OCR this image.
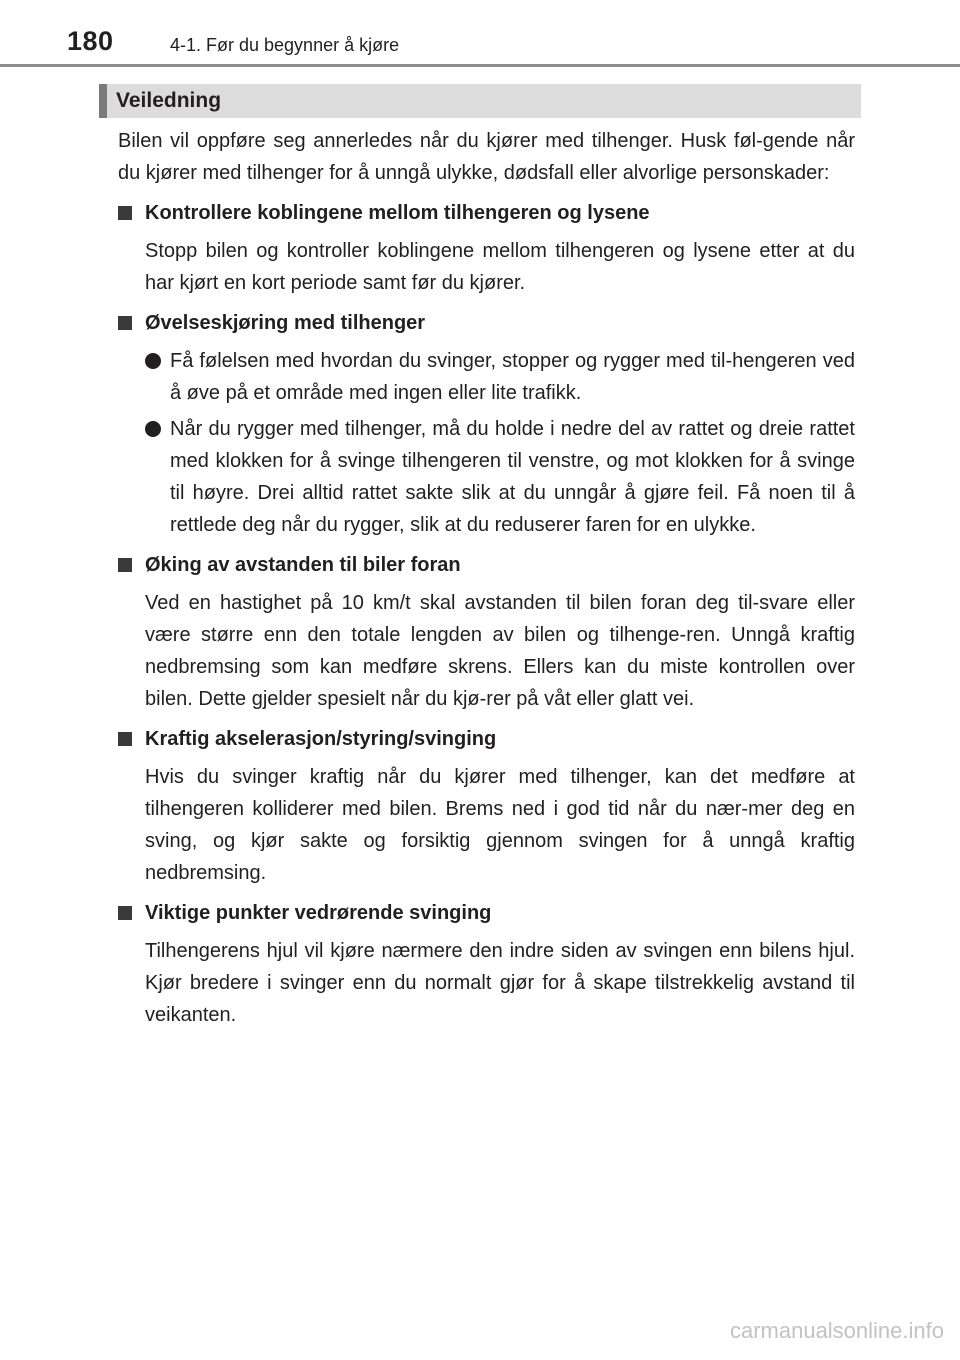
180	4-1. Før du begynner å kjøre
Veiledning

Bilen vil oppføre seg annerledes når du kjører med tilhenger. Husk føl-gende når du kjører med tilhenger for å unngå ulykke, dødsfall eller alvorlige personskader:

Kontrollere koblingene mellom tilhengeren og lysene

Stopp bilen og kontroller koblingene mellom tilhengeren og lysene etter at du har kjørt en kort periode samt før du kjører.

Øvelseskjøring med tilhenger
Få følelsen med hvordan du svinger, stopper og rygger med til-hengeren ved å øve på et område med ingen eller lite trafikk.
Når du rygger med tilhenger, må du holde i nedre del av rattet og dreie rattet med klokken for å svinge tilhengeren til venstre, og mot klokken for å svinge til høyre. Drei alltid rattet sakte slik at du unngår å gjøre feil. Få noen til å rettlede deg når du rygger, slik at du reduserer faren for en ulykke.
Øking av avstanden til biler foran

Ved en hastighet på 10 km/t skal avstanden til bilen foran deg til-svare eller være større enn den totale lengden av bilen og tilhenge-ren. Unngå kraftig nedbremsing som kan medføre skrens. Ellers kan du miste kontrollen over bilen. Dette gjelder spesielt når du kjø-rer på våt eller glatt vei.

Kraftig akselerasjon/styring/svinging

Hvis du svinger kraftig når du kjører med tilhenger, kan det medføre at tilhengeren kolliderer med bilen. Brems ned i god tid når du nær-mer deg en sving, og kjør sakte og forsiktig gjennom svingen for å unngå kraftig nedbremsing.

Viktige punkter vedrørende svinging

Tilhengerens hjul vil kjøre nærmere den indre siden av svingen enn bilens hjul. Kjør bredere i svinger enn du normalt gjør for å skape tilstrekkelig avstand til veikanten.

carmanualsonline.info
